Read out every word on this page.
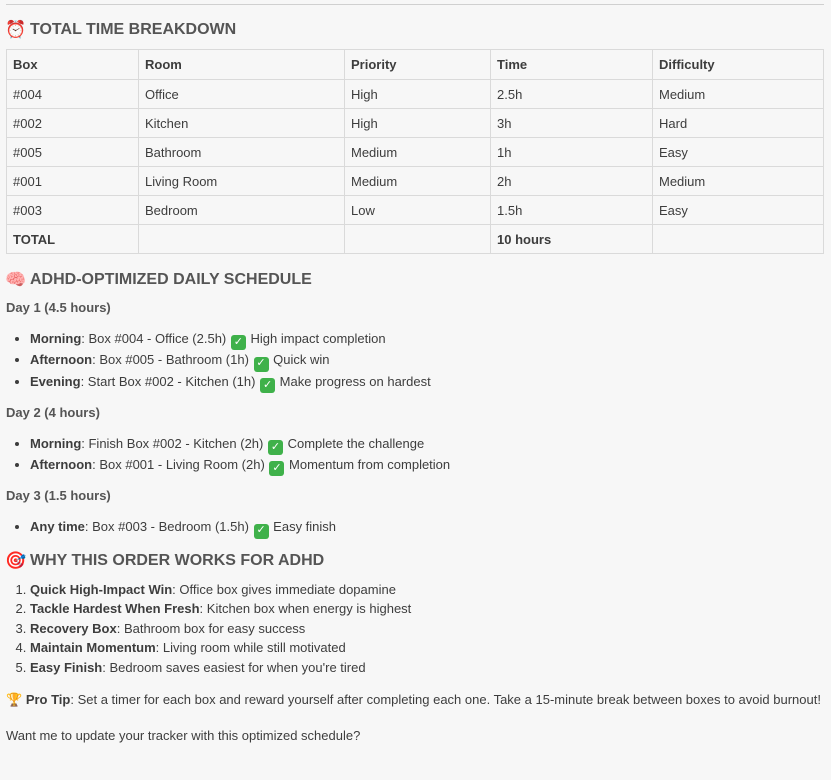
⏰ TOTAL TIME BREAKDOWN
Box	Room	Priority	Time	Difficulty
#004	Office	High	2.5h	Medium
#002	Kitchen	High	3h	Hard
#005	Bathroom	Medium	1h	Easy
#001	Living Room	Medium	2h	Medium
#003	Bedroom	Low	1.5h	Easy
TOTAL			10 hours	
🧠 ADHD-OPTIMIZED DAILY SCHEDULE
Day 1 (4.5 hours)
• Morning: Box #004 - Office (2.5h) ✓ High impact completion
• Afternoon: Box #005 - Bathroom (1h) ✓ Quick win
• Evening: Start Box #002 - Kitchen (1h) ✓ Make progress on hardest
Day 2 (4 hours)
• Morning: Finish Box #002 - Kitchen (2h) ✓ Complete the challenge
• Afternoon: Box #001 - Living Room (2h) ✓ Momentum from completion
Day 3 (1.5 hours)
• Any time: Box #003 - Bedroom (1.5h) ✓ Easy finish
🎯 WHY THIS ORDER WORKS FOR ADHD
1. Quick High-Impact Win: Office box gives immediate dopamine
2. Tackle Hardest When Fresh: Kitchen box when energy is highest
3. Recovery Box: Bathroom box for easy success
4. Maintain Momentum: Living room while still motivated
5. Easy Finish: Bedroom saves easiest for when you're tired

🏆 Pro Tip: Set a timer for each box and reward yourself after completing each one. Take a 15-minute break between boxes to avoid burnout!

Want me to update your tracker with this optimized schedule?
